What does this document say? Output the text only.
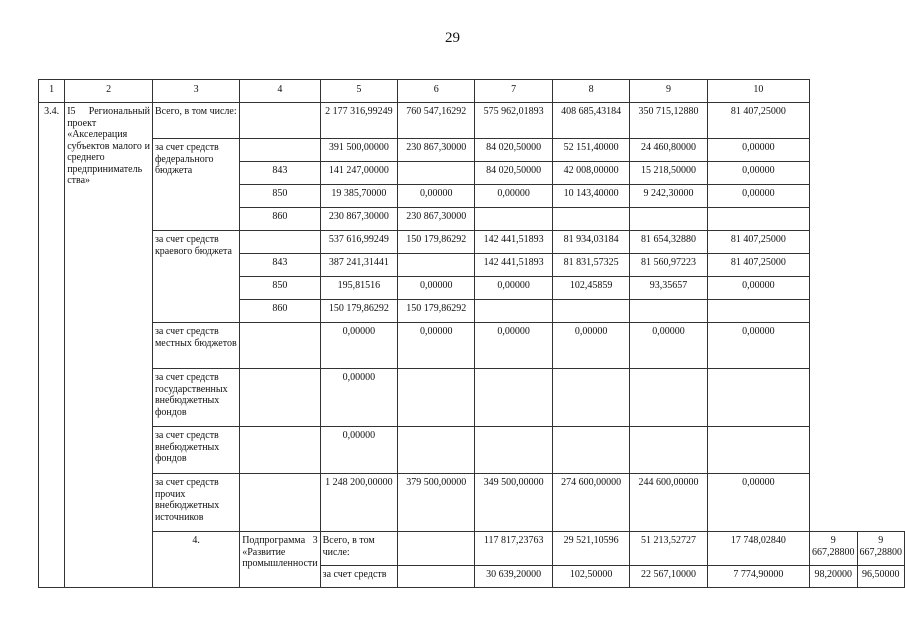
29
1	2	3	4	5	6	7	8	9	10		
3.4.	I5 Региональный проект «Акселерация субъектов малого и среднего предприниматель ства»	Всего, в том числе:		2 177 316,99249	760 547,16292	575 962,01893	408 685,43184	350 715,12880	81 407,25000		
		за счет средств федерального бюджета		391 500,00000	230 867,30000	84 020,50000	52 151,40000	24 460,80000	0,00000		
			843	141 247,00000		84 020,50000	42 008,00000	15 218,50000	0,00000		
			850	19 385,70000	0,00000	0,00000	10 143,40000	9 242,30000	0,00000		
			860	230 867,30000	230 867,30000						
		за счет средств краевого бюджета		537 616,99249	150 179,86292	142 441,51893	81 934,03184	81 654,32880	81 407,25000		
			843	387 241,31441		142 441,51893	81 831,57325	81 560,97223	81 407,25000		
			850	195,81516	0,00000	0,00000	102,45859	93,35657	0,00000		
			860	150 179,86292	150 179,86292						
		за счет средств местных бюджетов		0,00000	0,00000	0,00000	0,00000	0,00000	0,00000		
		за счет средств государственных внебюджетных фондов		0,00000							
		за счет средств внебюджетных фондов		0,00000							
		за счет средств прочих внебюджетных источников		1 248 200,00000	379 500,00000	349 500,00000	274 600,00000	244 600,00000	0,00000		
		4.	Подпрограмма 3 «Развитие промышленности	Всего, в том числе:		117 817,23763	29 521,10596	51 213,52727	17 748,02840	9 667,28800	9 667,28800
				за счет средств		30 639,20000	102,50000	22 567,10000	7 774,90000	98,20000	96,50000
